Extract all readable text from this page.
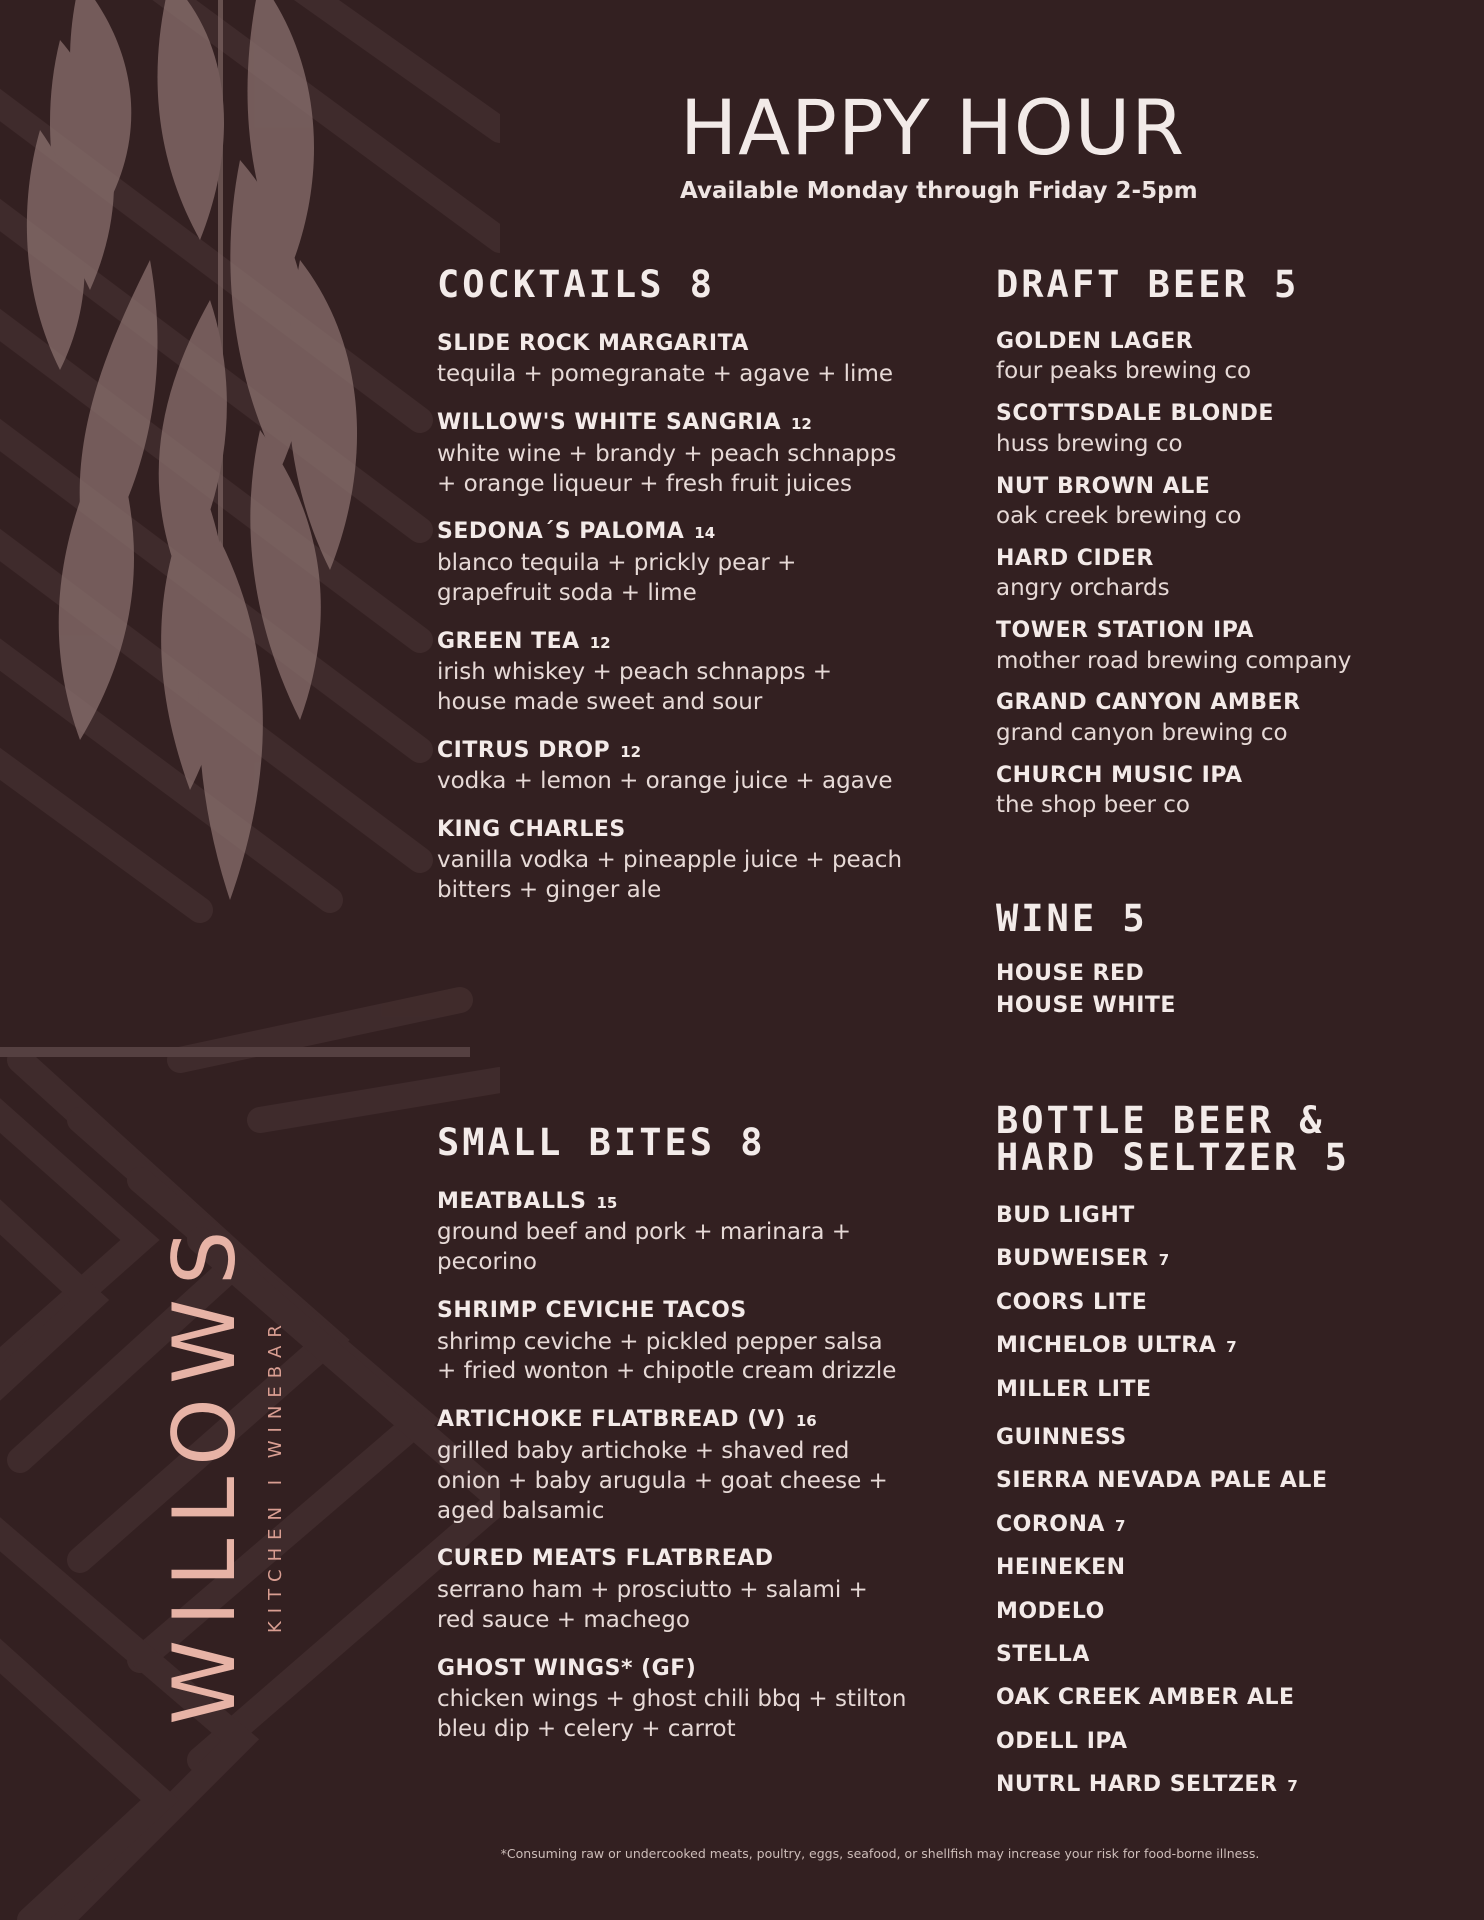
WILLOWS KITCHEN I WINEBAR
HAPPY HOUR
Available Monday through Friday 2-5pm
COCKTAILS 8
SLIDE ROCK MARGARITA
tequila + pomegranate + agave + lime
WILLOW'S WHITE SANGRIA 12
white wine + brandy + peach schnapps + orange liqueur + fresh fruit juices
SEDONA´S PALOMA 14
blanco tequila + prickly pear + grapefruit soda + lime
GREEN TEA 12
irish whiskey + peach schnapps + house made sweet and sour
CITRUS DROP 12
vodka + lemon + orange juice + agave
KING CHARLES
vanilla vodka + pineapple juice + peach bitters + ginger ale
SMALL BITES 8
MEATBALLS 15
ground beef and pork + marinara + pecorino
SHRIMP CEVICHE TACOS
shrimp ceviche + pickled pepper salsa + fried wonton + chipotle cream drizzle
ARTICHOKE FLATBREAD (V) 16
grilled baby artichoke + shaved red onion + baby arugula + goat cheese + aged balsamic
CURED MEATS FLATBREAD
serrano ham + prosciutto + salami + red sauce + machego
GHOST WINGS* (GF)
chicken wings + ghost chili bbq + stilton bleu dip + celery + carrot
DRAFT BEER 5
GOLDEN LAGER
four peaks brewing co
SCOTTSDALE BLONDE
huss brewing co
NUT BROWN ALE
oak creek brewing co
HARD CIDER
angry orchards
TOWER STATION IPA
mother road brewing company
GRAND CANYON AMBER
grand canyon brewing co
CHURCH MUSIC IPA
the shop beer co
WINE 5
HOUSE RED
HOUSE WHITE
BOTTLE BEER &
HARD SELTZER 5
BUD LIGHT
BUDWEISER 7
COORS LITE
MICHELOB ULTRA 7
MILLER LITE
GUINNESS
SIERRA NEVADA PALE ALE
CORONA 7
HEINEKEN
MODELO
STELLA
OAK CREEK AMBER ALE
ODELL IPA
NUTRL HARD SELTZER 7
*Consuming raw or undercooked meats, poultry, eggs, seafood, or shellfish may increase your risk for food-borne illness.
